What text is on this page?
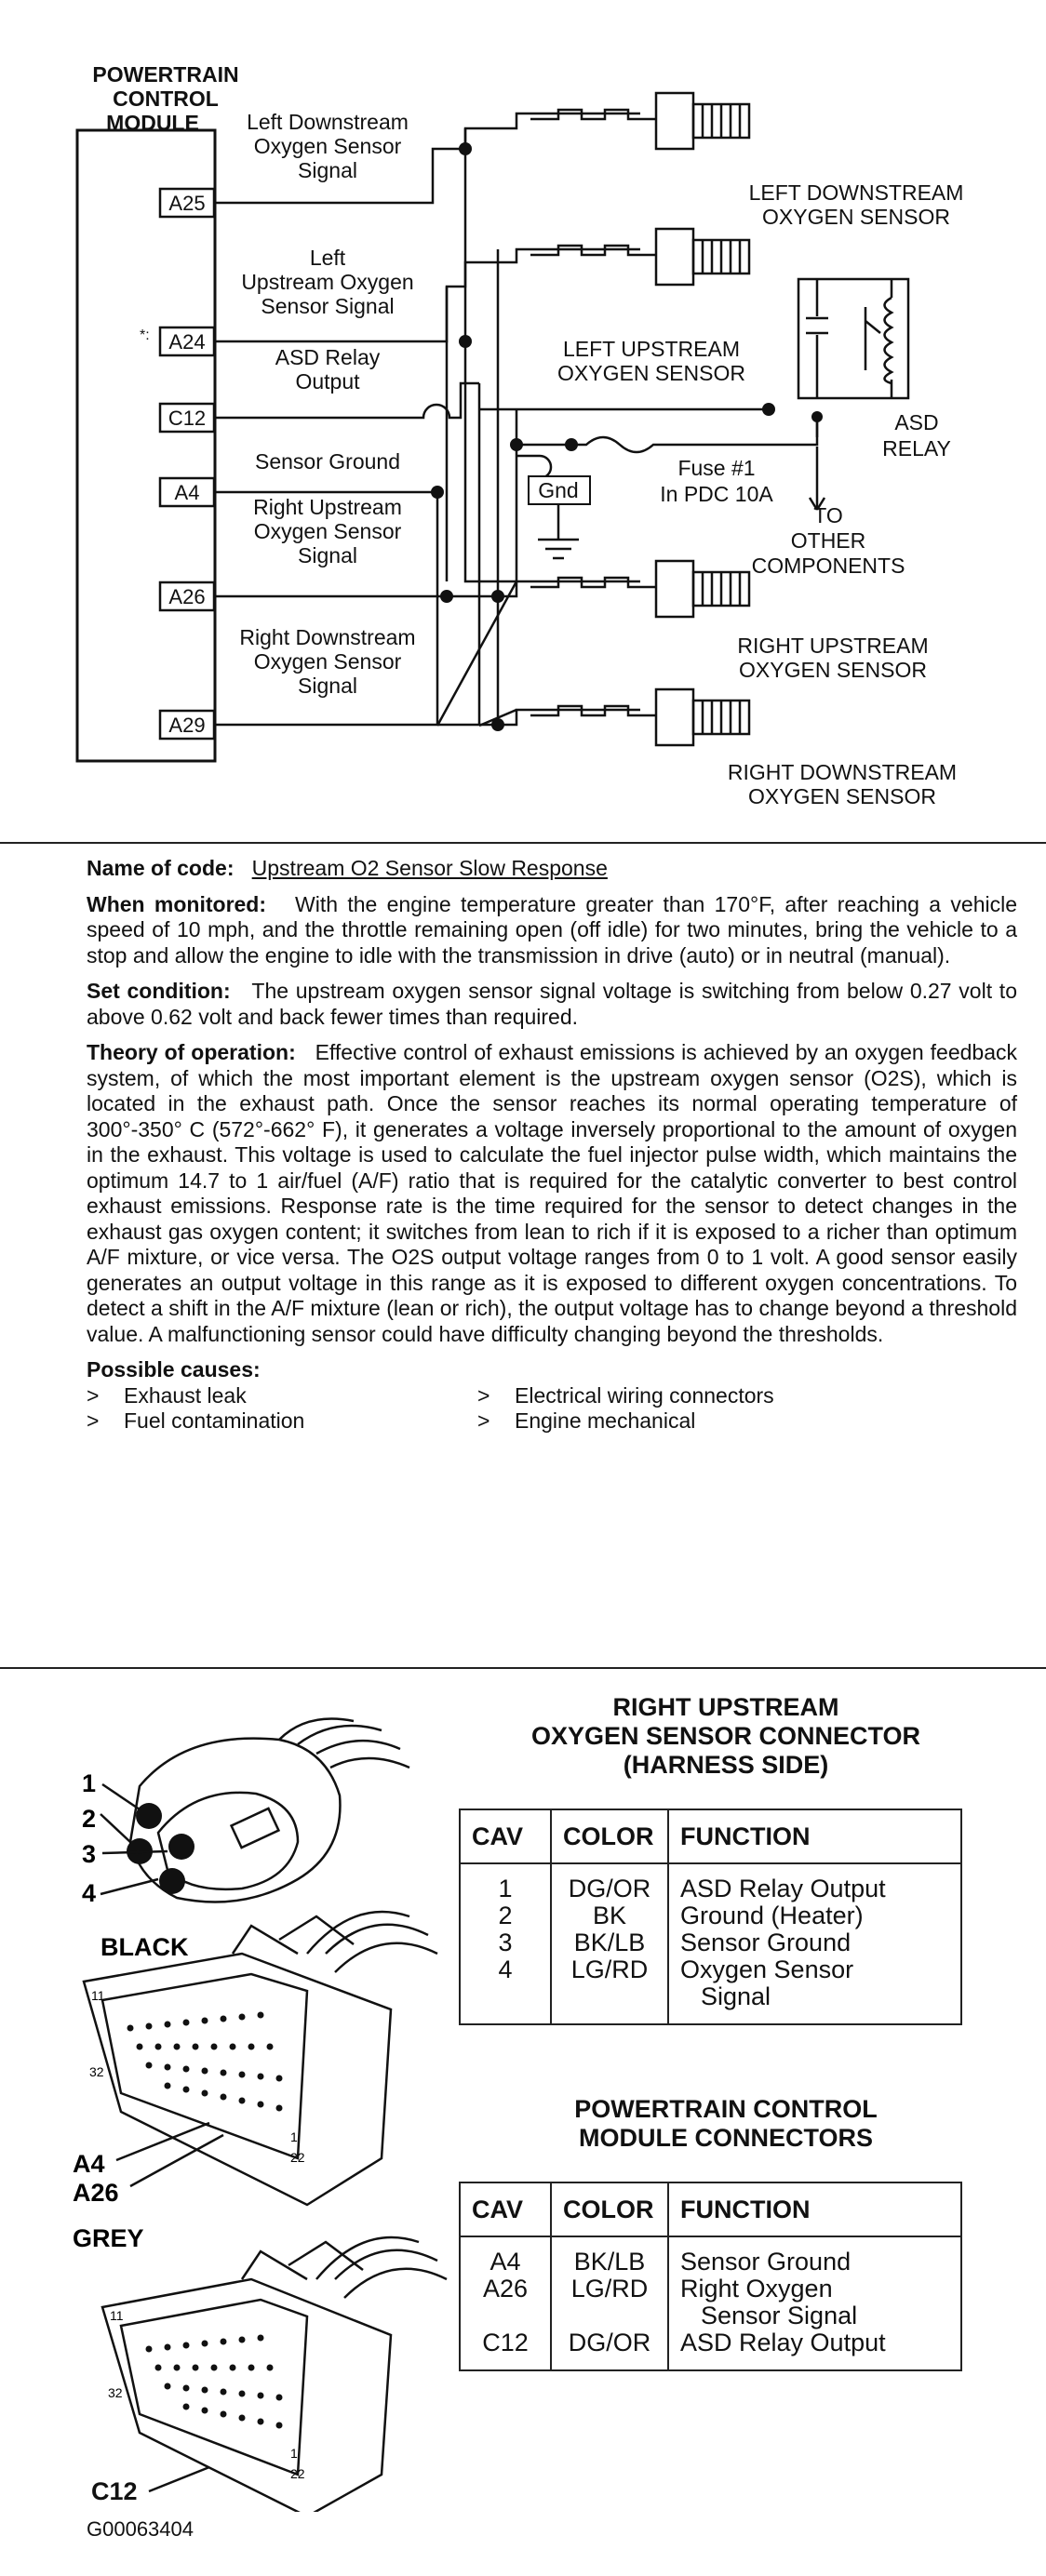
POWERTRAIN
CONTROL
MODULE
A25
A24
C12
A4
A26
A29
*:
Left Downstream
Oxygen Sensor
Signal
Left
Upstream Oxygen
Sensor Signal
ASD Relay
Output
Sensor Ground
Right Upstream
Oxygen Sensor
Signal
Right Downstream
Oxygen Sensor
Signal
LEFT DOWNSTREAM
OXYGEN SENSOR
LEFT UPSTREAM
OXYGEN SENSOR
RIGHT UPSTREAM
OXYGEN SENSOR
RIGHT DOWNSTREAM
OXYGEN SENSOR
ASD
RELAY
Gnd
Fuse #1
In PDC 10A
TO
OTHER
COMPONENTS

Name of code: Upstream O2 Sensor Slow Response

When monitored: With the engine temperature greater than 170°F, after reaching a vehicle speed of 10 mph, and the throttle remaining open (off idle) for two minutes, bring the vehicle to a stop and allow the engine to idle with the transmission in drive (auto) or in neutral (manual).

Set condition: The upstream oxygen sensor signal voltage is switching from below 0.27 volt to above 0.62 volt and back fewer times than required.

Theory of operation: Effective control of exhaust emissions is achieved by an oxygen feedback system, of which the most important element is the upstream oxygen sensor (O2S), which is located in the exhaust path. Once the sensor reaches its normal operating temperature of 300°-350° C (572°-662° F), it generates a voltage inversely proportional to the amount of oxygen in the exhaust. This voltage is used to calculate the fuel injector pulse width, which maintains the optimum 14.7 to 1 air/fuel (A/F) ratio that is required for the catalytic converter to best control exhaust emissions. Response rate is the time required for the sensor to detect changes in the exhaust gas oxygen content; it switches from lean to rich if it is exposed to a richer than optimum A/F mixture, or vice versa. The O2S output voltage ranges from 0 to 1 volt. A good sensor easily generates an output voltage in this range as it is exposed to different oxygen concentrations. To detect a shift in the A/F mixture (lean or rich), the output voltage has to change beyond a threshold value. A malfunctioning sensor could have difficulty changing beyond the thresholds.

Possible causes:
>	Exhaust leak	>	Electrical wiring connectors
>	Fuel contamination	>	Engine mechanical
1
2
3
4
BLACK
11
32
1
22
A4
A26
GREY
11
32
1
22
C12
RIGHT UPSTREAM
OXYGEN SENSOR CONNECTOR
(HARNESS SIDE)
CAV	COLOR	FUNCTION
1	DG/OR	ASD Relay Output
2	BK	Ground (Heater)
3	BK/LB	Sensor Ground
4	LG/RD	Oxygen Sensor
		Signal
POWERTRAIN CONTROL
MODULE CONNECTORS
CAV	COLOR	FUNCTION
A4	BK/LB	Sensor Ground
A26	LG/RD	Right Oxygen
		Sensor Signal
C12	DG/OR	ASD Relay Output
G00063404
